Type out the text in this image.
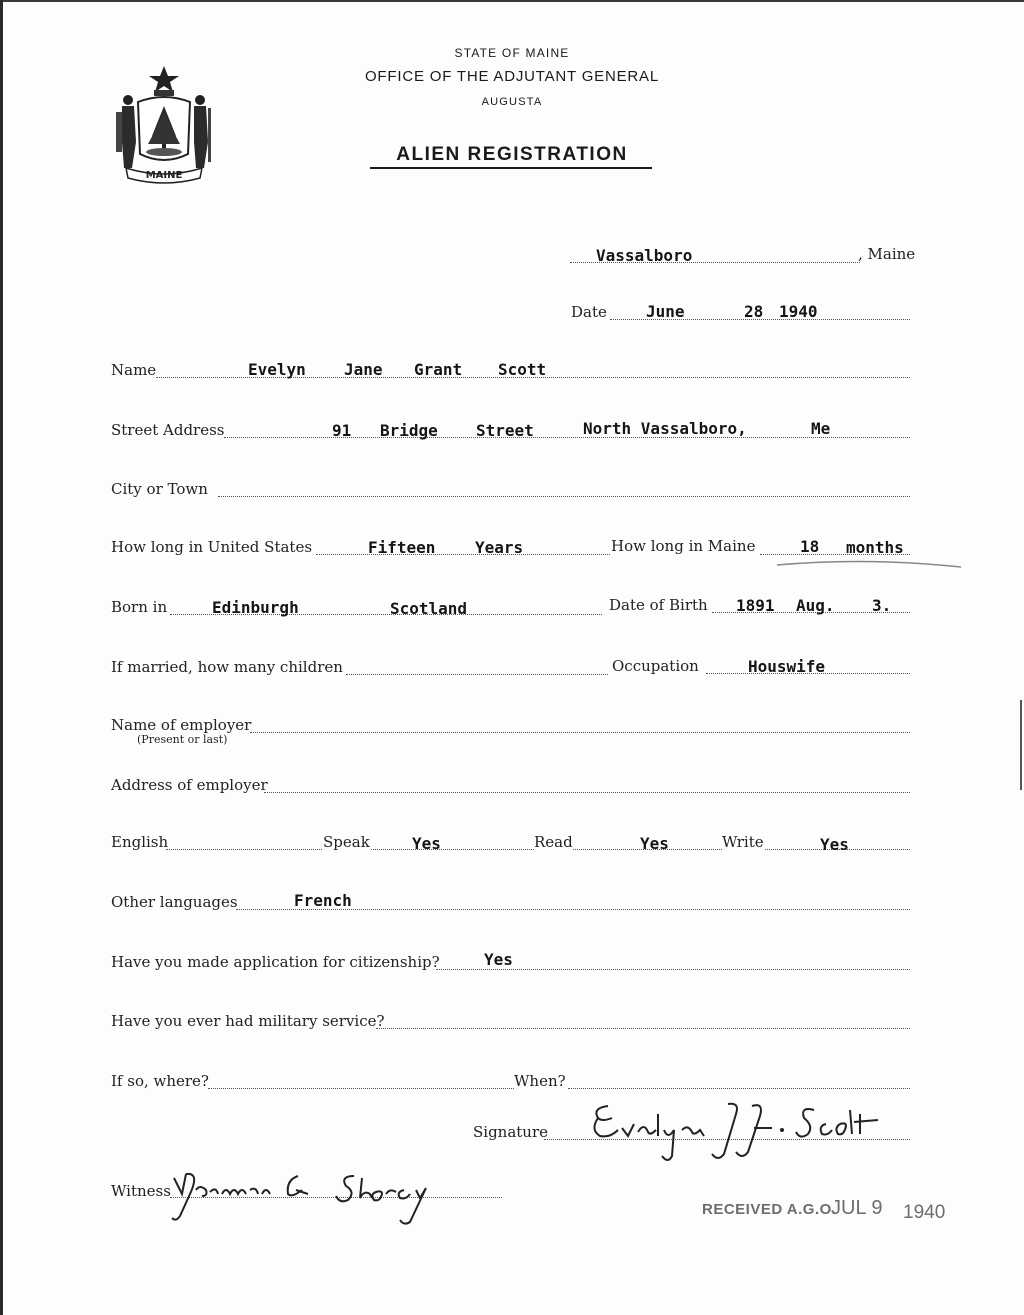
MAINE
STATE OF MAINE
OFFICE OF THE ADJUTANT GENERAL
AUGUSTA
ALIEN REGISTRATION
Vassalboro	, Maine
Date June	28 1940
Name	Evelyn Jane Grant Scott
Street Address	91 Bridge Street	North Vassalboro,	Me
City or Town
How long in United States	Fifteen Years	How long in Maine	18 months
Born in	Edinburgh	Scotland	Date of Birth 1891 Aug. 3.
If married, how many children	Occupation	Houswife
Name of employer
(Present or last)
Address of employer
English	Speak	Yes	Read	Yes	Write	Yes
Other languages	French
Have you made application for citizenship?	Yes
Have you ever had military service?
If so, where?	When?
Signature
Witness
RECEIVED A.G.O.
JUL 9 1940
